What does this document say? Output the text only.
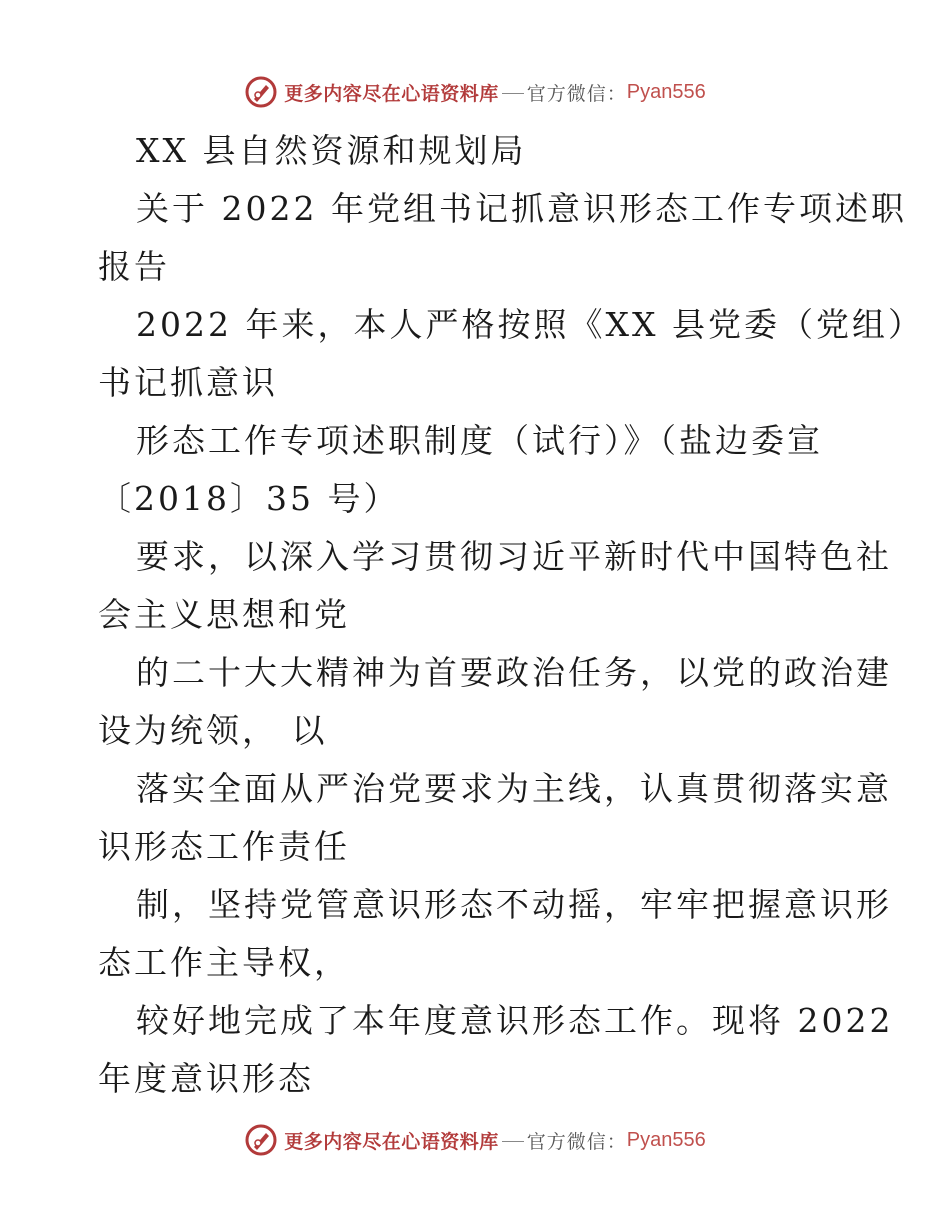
更多内容尽在心语资料库 官方微信： Pyan556
XX 县自然资源和规划局
关于 2022 年党组书记抓意识形态工作专项述职
报告
2022 年来，本人严格按照《XX 县党委（党组）
书记抓意识
形态工作专项述职制度（试行）》（盐边委宣
〔2018〕35 号）
要求，以深入学习贯彻习近平新时代中国特色社
会主义思想和党
的二十大大精神为首要政治任务，以党的政治建
设为统领， 以
落实全面从严治党要求为主线，认真贯彻落实意
识形态工作责任
制，坚持党管意识形态不动摇，牢牢把握意识形
态工作主导权，
较好地完成了本年度意识形态工作。现将 2022
年度意识形态
更多内容尽在心语资料库 官方微信： Pyan556
